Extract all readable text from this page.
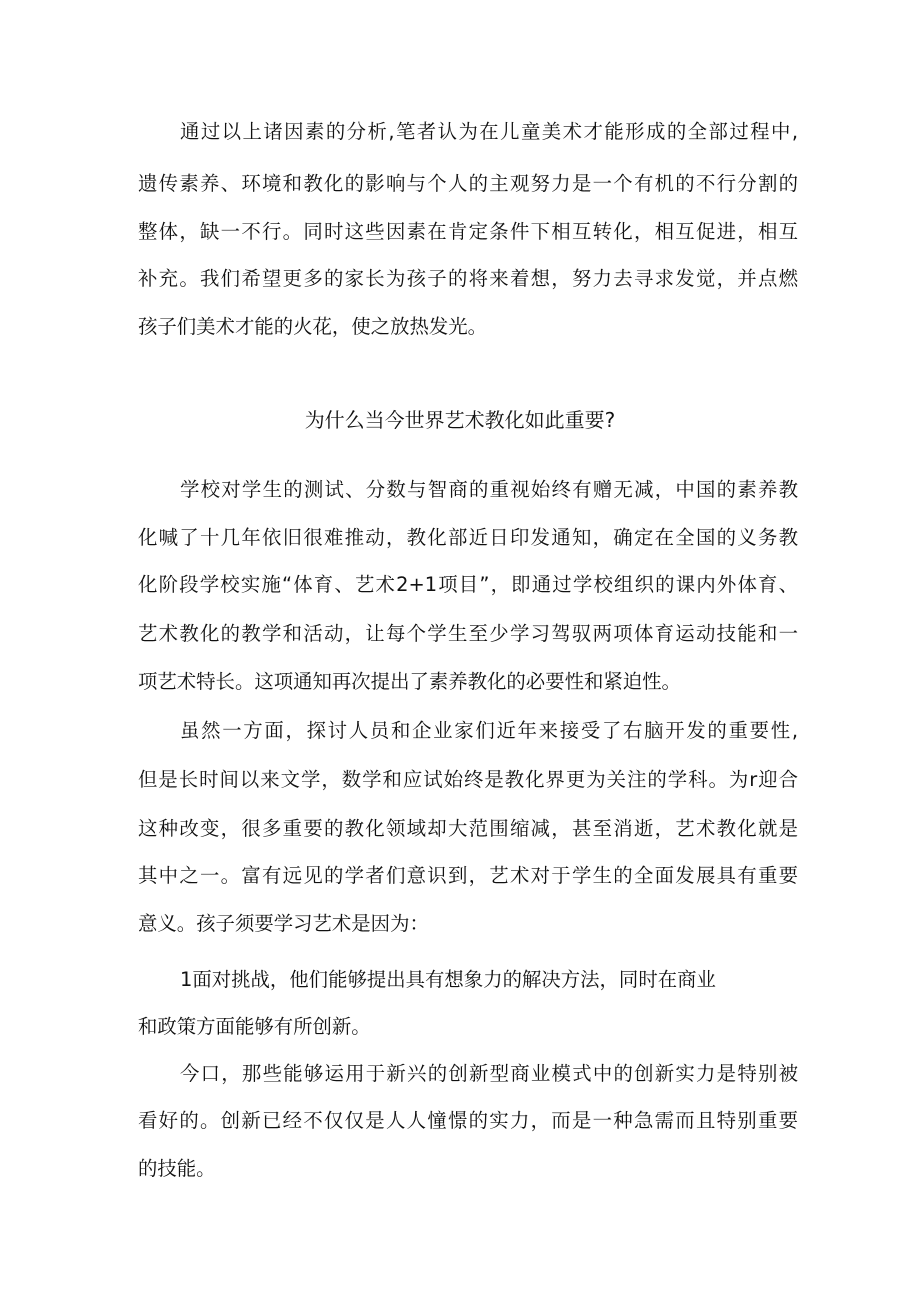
通过以上诸因素的分析,笔者认为在儿童美术才能形成的全部过程中,
遗传素养、环境和教化的影响与个人的主观努力是一个有机的不行分割的
整体，缺一不行。同时这些因素在肯定条件下相互转化，相互促进，相互
补充。我们希望更多的家长为孩子的将来着想，努力去寻求发觉，并点燃
孩子们美术才能的火花，使之放热发光。
为什么当今世界艺术教化如此重要?
学校对学生的测试、分数与智商的重视始终有赠无减，中国的素养教
化喊了十几年依旧很难推动，教化部近日印发通知，确定在全国的义务教
化阶段学校实施“体育、艺术2+1项目”，即通过学校组织的课内外体育、
艺术教化的教学和活动，让每个学生至少学习驾驭两项体育运动技能和一
项艺术特长。这项通知再次提出了素养教化的必要性和紧迫性。
虽然一方面，探讨人员和企业家们近年来接受了右脑开发的重要性,
但是长时间以来文学，数学和应试始终是教化界更为关注的学科。为r迎合
这种改变，很多重要的教化领域却大范围缩减，甚至消逝，艺术教化就是
其中之一。富有远见的学者们意识到，艺术对于学生的全面发展具有重要
意义。孩子须要学习艺术是因为：
1面对挑战，他们能够提出具有想象力的解决方法，同时在商业
和政策方面能够有所创新。
今口，那些能够运用于新兴的创新型商业模式中的创新实力是特别被
看好的。创新已经不仅仅是人人憧憬的实力，而是一种急需而且特别重要
的技能。
